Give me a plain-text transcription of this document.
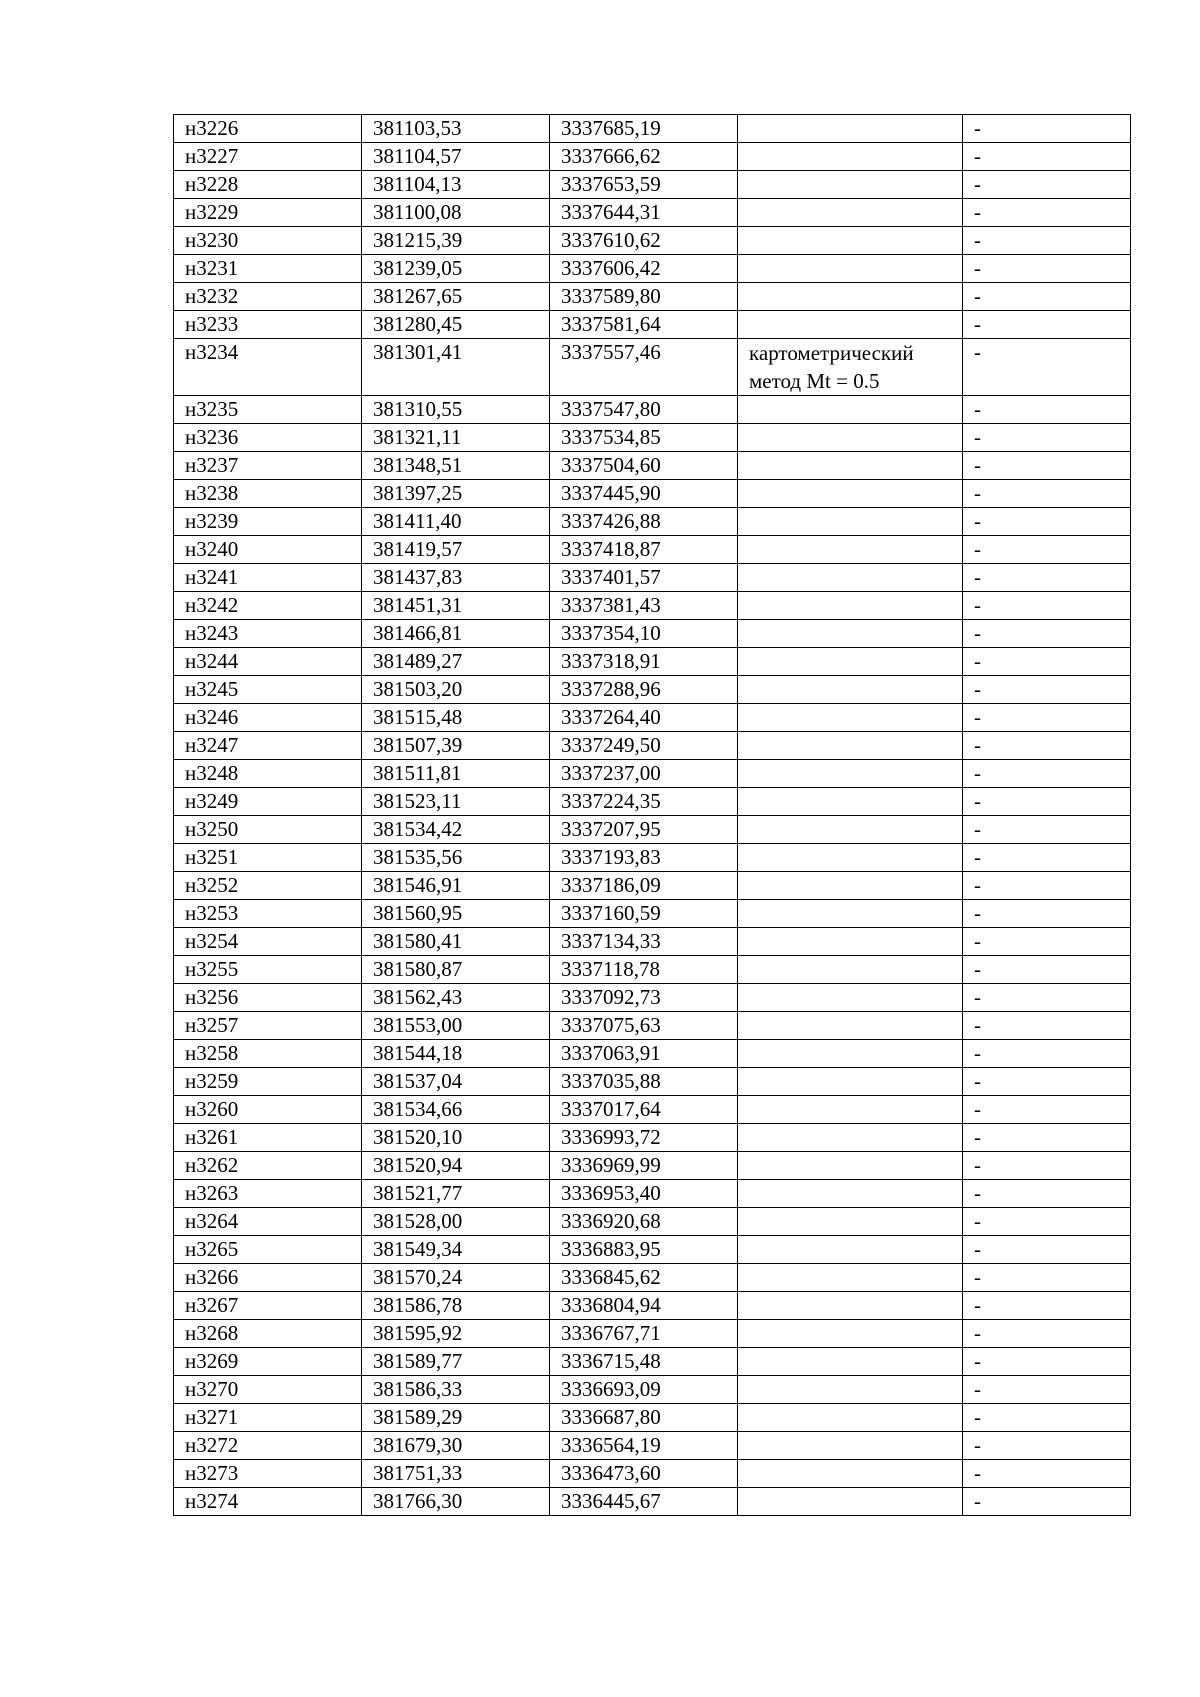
н3226	381103,53	3337685,19		-
н3227	381104,57	3337666,62		-
н3228	381104,13	3337653,59		-
н3229	381100,08	3337644,31		-
н3230	381215,39	3337610,62		-
н3231	381239,05	3337606,42		-
н3232	381267,65	3337589,80		-
н3233	381280,45	3337581,64		-
н3234	381301,41	3337557,46	картометрический метод Mt = 0.5	-
н3235	381310,55	3337547,80		-
н3236	381321,11	3337534,85		-
н3237	381348,51	3337504,60		-
н3238	381397,25	3337445,90		-
н3239	381411,40	3337426,88		-
н3240	381419,57	3337418,87		-
н3241	381437,83	3337401,57		-
н3242	381451,31	3337381,43		-
н3243	381466,81	3337354,10		-
н3244	381489,27	3337318,91		-
н3245	381503,20	3337288,96		-
н3246	381515,48	3337264,40		-
н3247	381507,39	3337249,50		-
н3248	381511,81	3337237,00		-
н3249	381523,11	3337224,35		-
н3250	381534,42	3337207,95		-
н3251	381535,56	3337193,83		-
н3252	381546,91	3337186,09		-
н3253	381560,95	3337160,59		-
н3254	381580,41	3337134,33		-
н3255	381580,87	3337118,78		-
н3256	381562,43	3337092,73		-
н3257	381553,00	3337075,63		-
н3258	381544,18	3337063,91		-
н3259	381537,04	3337035,88		-
н3260	381534,66	3337017,64		-
н3261	381520,10	3336993,72		-
н3262	381520,94	3336969,99		-
н3263	381521,77	3336953,40		-
н3264	381528,00	3336920,68		-
н3265	381549,34	3336883,95		-
н3266	381570,24	3336845,62		-
н3267	381586,78	3336804,94		-
н3268	381595,92	3336767,71		-
н3269	381589,77	3336715,48		-
н3270	381586,33	3336693,09		-
н3271	381589,29	3336687,80		-
н3272	381679,30	3336564,19		-
н3273	381751,33	3336473,60		-
н3274	381766,30	3336445,67		-
